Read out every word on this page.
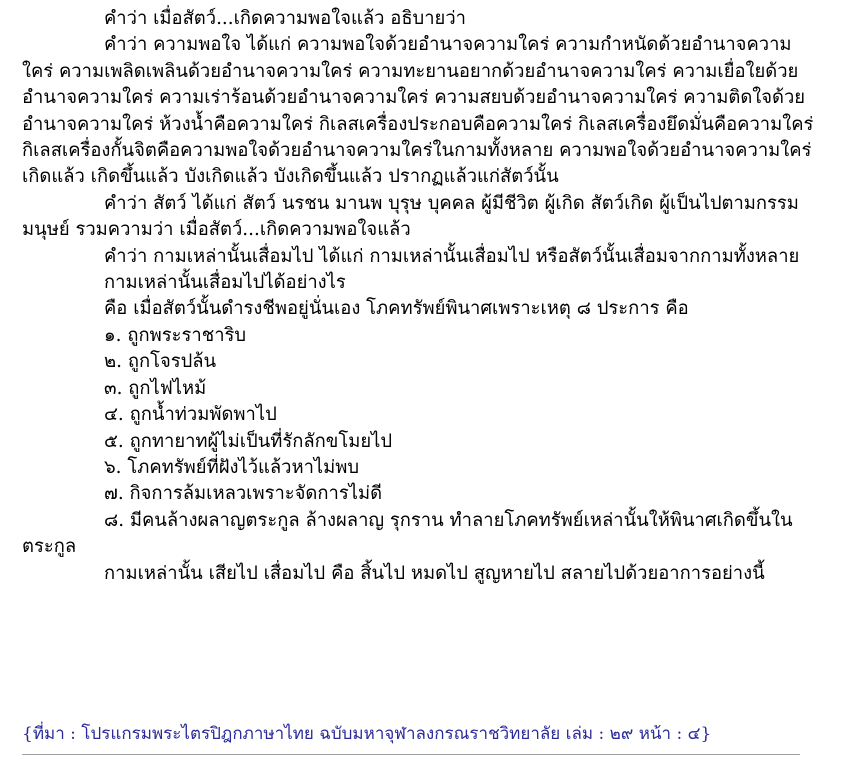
คำว่า เมื่อสัตว์...เกิดความพอใจแล้ว อธิบายว่า

คำว่า ความพอใจ ได้แก่ ความพอใจด้วยอำนาจความใคร่ ความกำหนัดด้วยอำนาจความใคร่ ความเพลิดเพลินด้วยอำนาจความใคร่ ความทะยานอยากด้วยอำนาจความใคร่ ความเยื่อใยด้วยอำนาจความใคร่ ความเร่าร้อนด้วยอำนาจความใคร่ ความสยบด้วยอำนาจความใคร่ ความติดใจด้วยอำนาจความใคร่ ห้วงน้ำคือความใคร่ กิเลสเครื่องประกอบคือความใคร่ กิเลสเครื่องยึดมั่นคือความใคร่ กิเลสเครื่องกั้นจิตคือความพอใจด้วยอำนาจความใคร่ในกามทั้งหลาย ความพอใจด้วยอำนาจความใคร่เกิดแล้ว เกิดขึ้นแล้ว บังเกิดแล้ว บังเกิดขึ้นแล้ว ปรากฏแล้วแก่สัตว์นั้น

คำว่า สัตว์ ได้แก่ สัตว์ นรชน มานพ บุรุษ บุคคล ผู้มีชีวิต ผู้เกิด สัตว์เกิด ผู้เป็นไปตามกรรม มนุษย์ รวมความว่า เมื่อสัตว์...เกิดความพอใจแล้ว

คำว่า กามเหล่านั้นเสื่อมไป ได้แก่ กามเหล่านั้นเสื่อมไป หรือสัตว์นั้นเสื่อมจากกามทั้งหลาย

กามเหล่านั้นเสื่อมไปได้อย่างไร

คือ เมื่อสัตว์นั้นดำรงชีพอยู่นั่นเอง โภคทรัพย์พินาศเพราะเหตุ ๘ ประการ คือ

๑. ถูกพระราชาริบ

๒. ถูกโจรปล้น

๓. ถูกไฟไหม้

๔. ถูกน้ำท่วมพัดพาไป

๕. ถูกทายาทผู้ไม่เป็นที่รักลักขโมยไป

๖. โภคทรัพย์ที่ฝังไว้แล้วหาไม่พบ

๗. กิจการล้มเหลวเพราะจัดการไม่ดี

๘. มีคนล้างผลาญตระกูล ล้างผลาญ รุกราน ทำลายโภคทรัพย์เหล่านั้นให้พินาศเกิดขึ้นในตระกูล

กามเหล่านั้น เสียไป เสื่อมไป คือ สิ้นไป หมดไป สูญหายไป สลายไปด้วยอาการอย่างนี้

{ที่มา : โปรแกรมพระไตรปิฎกภาษาไทย ฉบับมหาจุฬาลงกรณราชวิทยาลัย เล่ม : ๒๙ หน้า : ๔}
